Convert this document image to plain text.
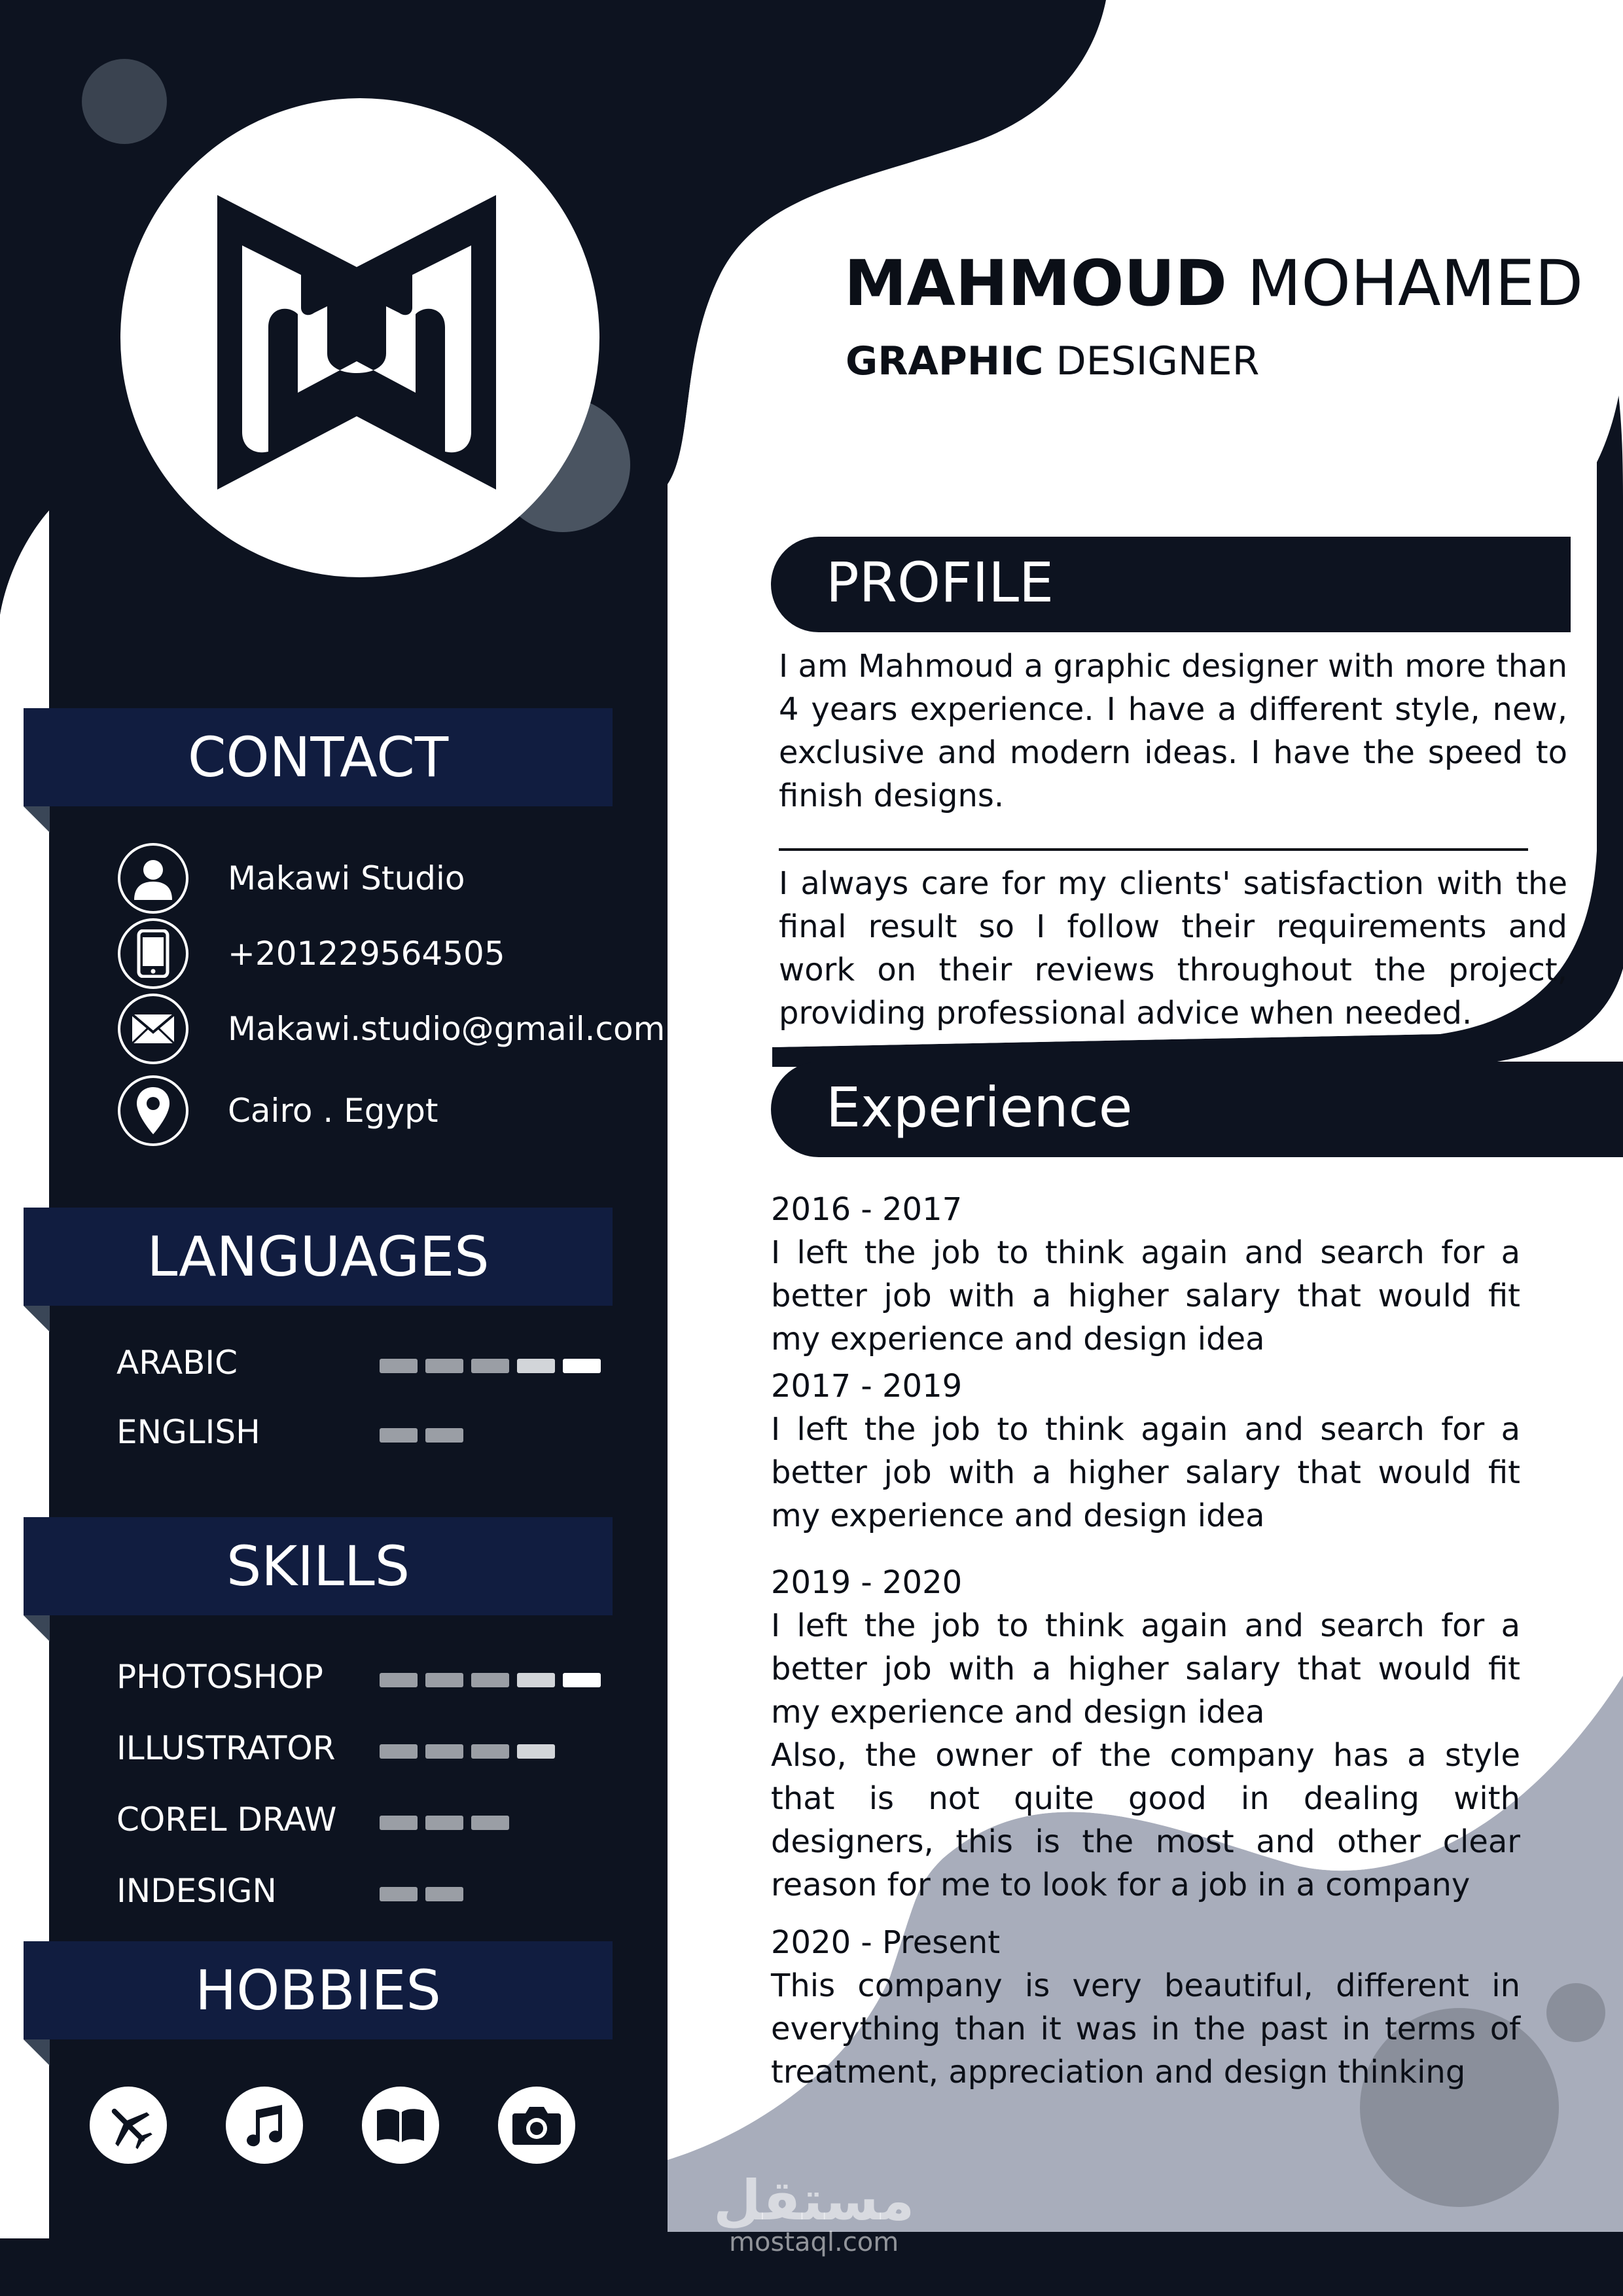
MAHMOUD MOHAMED
GRAPHIC DESIGNER
PROFILE
I am Mahmoud a graphic designer with more than 4 years experience. I have a different style, new, exclusive and modern ideas. I have the speed to finish designs.
I always care for my clients' satisfaction with the final result so I follow their requirements and work on their reviews throughout the project, providing professional advice when needed.
Experience
2016 - 2017
I left the job to think again and search for a better job with a higher salary that would fit my experience and design idea
2017 - 2019
I left the job to think again and search for a better job with a higher salary that would fit my experience and design idea
2019 - 2020
I left the job to think again and search for a better job with a higher salary that would fit my experience and design idea
Also, the owner of the company has a style that is not quite good in dealing with designers, this is the most and other clear reason for me to look for a job in a company
2020 - Present
This company is very beautiful, different in everything than it was in the past in terms of treatment, appreciation and design thinking
CONTACT
Makawi Studio
+201229564505
Makawi.studio@gmail.com
Cairo . Egypt
LANGUAGES
ARABIC
ENGLISH
SKILLS
PHOTOSHOP
ILLUSTRATOR
COREL DRAW
INDESIGN
HOBBIES
مستقل
mostaql.com
